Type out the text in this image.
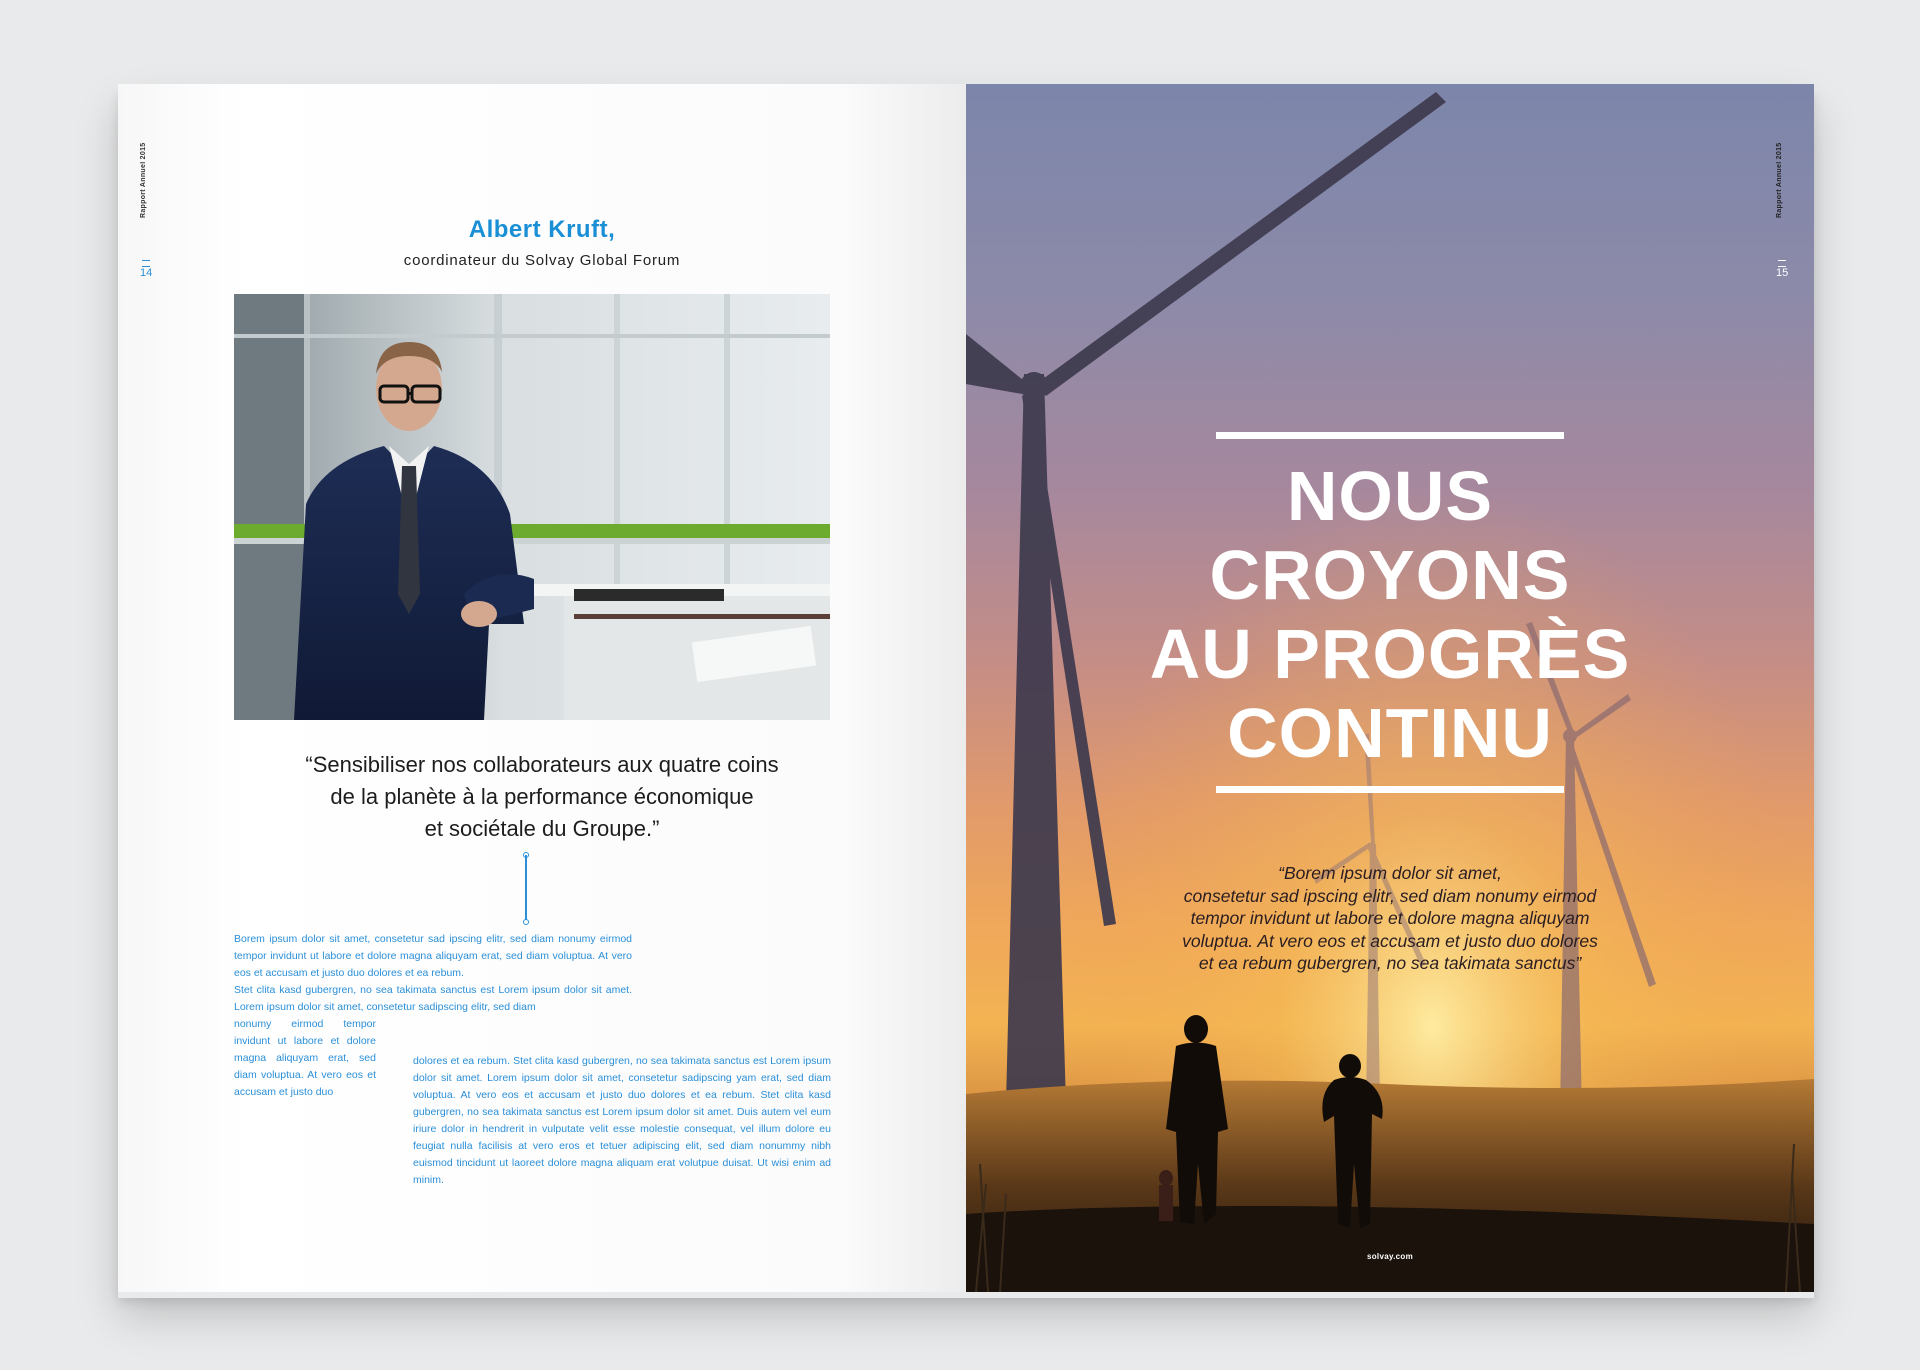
Rapport Annuel 2015
14
Albert Kruft,
coordinateur du Solvay Global Forum
“Sensibiliser nos collaborateurs aux quatre coins
de la planète à la performance économique
et sociétale du Groupe.”

Borem ipsum dolor sit amet, consetetur sad ipscing elitr, sed diam nonumy eirmod tempor invidunt ut labore et dolore magna aliquyam erat, sed diam voluptua. At vero eos et accusam et justo duo dolores et ea rebum.

Stet clita kasd gubergren, no sea takimata sanctus est Lorem ipsum dolor sit amet. Lorem ipsum dolor sit amet, consetetur sadipscing elitr, sed diam

nonumy eirmod tempor invidunt ut labore et dolore magna aliquyam erat, sed diam voluptua. At vero eos et accusam et justo duo
dolores et ea rebum. Stet clita kasd gubergren, no sea takimata sanctus est Lorem ipsum dolor sit amet. Lorem ipsum dolor sit amet, consetetur sadipscing yam erat, sed diam voluptua. At vero eos et accusam et justo duo dolores et ea rebum. Stet clita kasd gubergren, no sea takimata sanctus est Lorem ipsum dolor sit amet. Duis autem vel eum iriure dolor in hendrerit in vulputate velit esse molestie consequat, vel illum dolore eu feugiat nulla facilisis at vero eros et tetuer adipiscing elit, sed diam nonummy nibh euismod tincidunt ut laoreet dolore magna aliquam erat volutpue duisat. Ut wisi enim ad minim.
Rapport Annuel 2015
15
NOUS
CROYONS
AU PROGRÈS
CONTINU
“Borem ipsum dolor sit amet,
consetetur sad ipscing elitr, sed diam nonumy eirmod
tempor invidunt ut labore et dolore magna aliquyam
voluptua. At vero eos et accusam et justo duo dolores
et ea rebum gubergren, no sea takimata sanctus”
solvay.com
